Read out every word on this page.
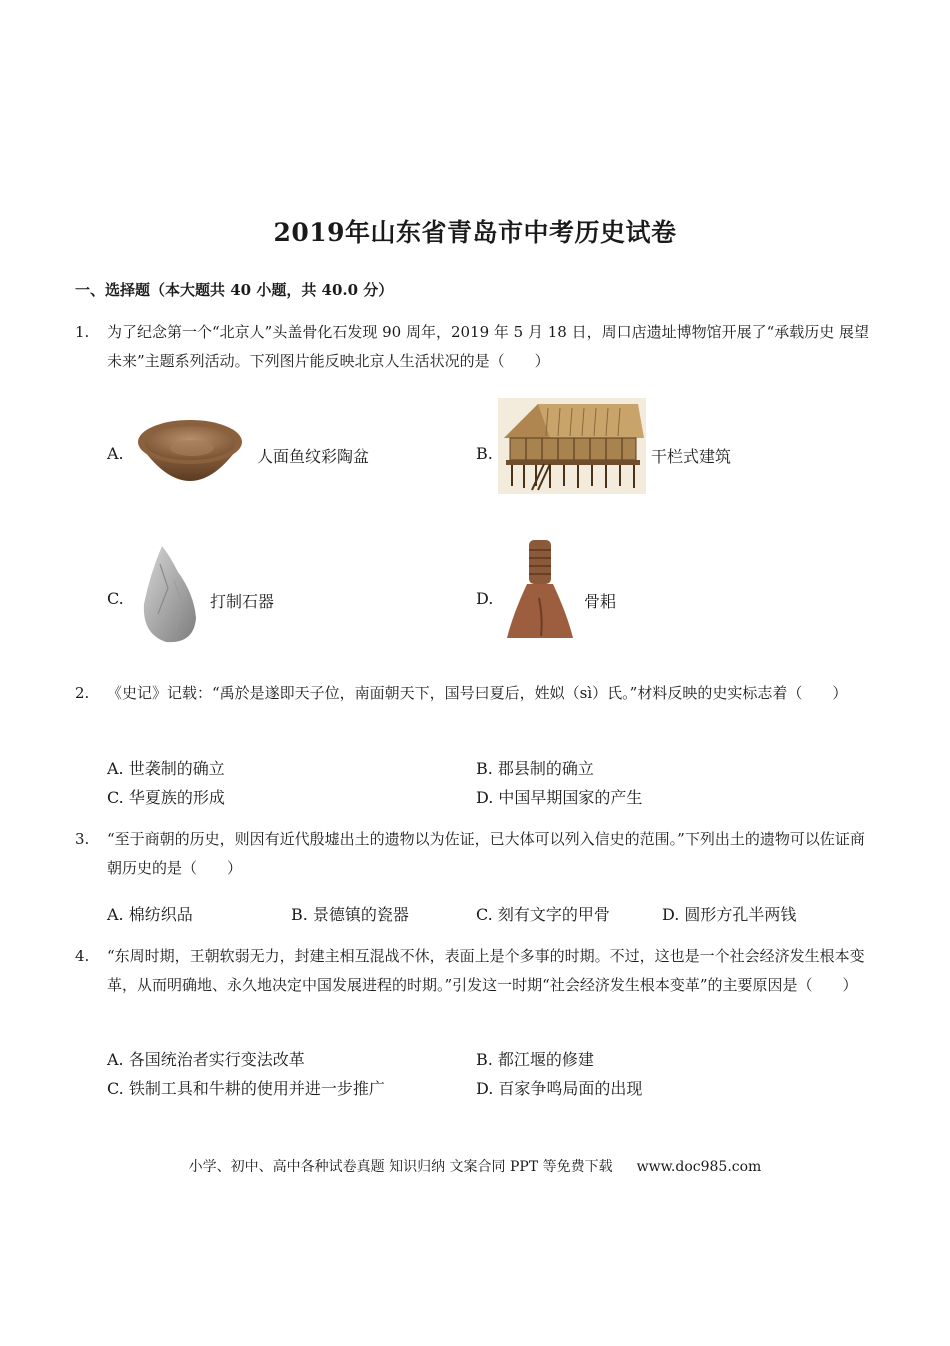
2019年山东省青岛市中考历史试卷
一、选择题（本大题共 40 小题，共 40.0 分）
1. 为了纪念第一个“北京人”头盖骨化石发现 90 周年，2019 年 5 月 18 日，周口店遗址博物馆开展了“承载历史 展望未来”主题系列活动。下列图片能反映北京人生活状况的是（　　）
A.	人面鱼纹彩陶盆	B.	干栏式建筑
C.	打制石器	D.	骨耜
2. 《史记》记载：“禹於是遂即天子位，南面朝天下，国号曰夏后，姓姒（sì）氏。”材料反映的史实标志着（　　）
A. 世袭制的确立	B. 郡县制的确立
C. 华夏族的形成	D. 中国早期国家的产生
3. “至于商朝的历史，则因有近代殷墟出土的遗物以为佐证，已大体可以列入信史的范围。”下列出土的遗物可以佐证商朝历史的是（　　）
A. 棉纺织品	B. 景德镇的瓷器	C. 刻有文字的甲骨	D. 圆形方孔半两钱
4. “东周时期，王朝软弱无力，封建主相互混战不休，表面上是个多事的时期。不过，这也是一个社会经济发生根本变革，从而明确地、永久地决定中国发展进程的时期。”引发这一时期“社会经济发生根本变革”的主要原因是（　　）
A. 各国统治者实行变法改革	B. 都江堰的修建
C. 铁制工具和牛耕的使用并进一步推广	D. 百家争鸣局面的出现
小学、初中、高中各种试卷真题 知识归纳 文案合同 PPT 等免费下载 www.doc985.com
